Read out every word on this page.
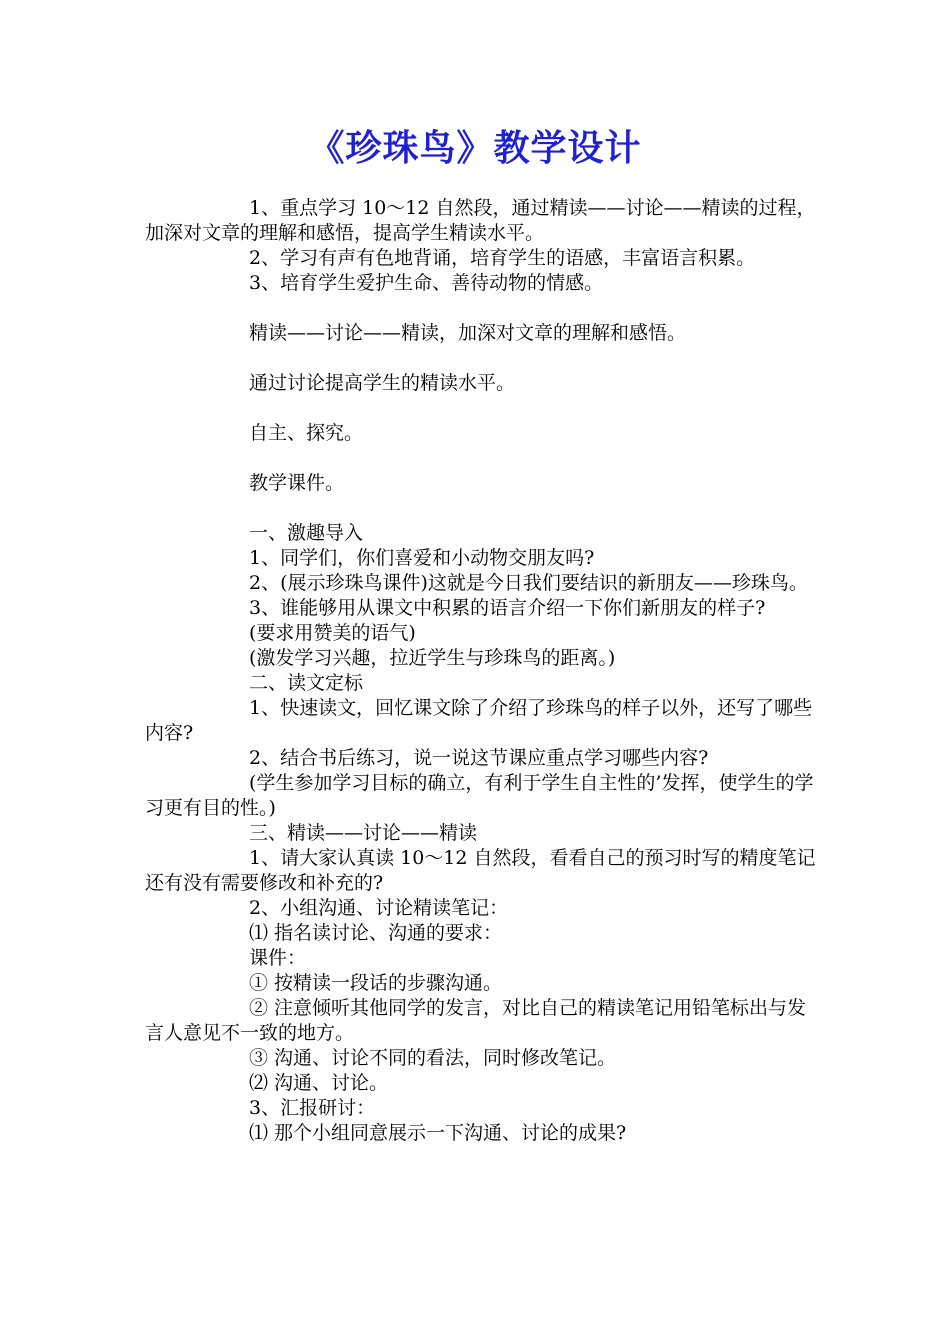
《珍珠鸟》教学设计

1、重点学习 10～12 自然段，通过精读——讨论——精读的过程，加深对文章的理解和感悟，提高学生精读水平。

2、学习有声有色地背诵，培育学生的语感，丰富语言积累。

3、培育学生爱护生命、善待动物的情感。

精读——讨论——精读，加深对文章的理解和感悟。

通过讨论提高学生的精读水平。

自主、探究。

教学课件。

一、激趣导入

1、同学们，你们喜爱和小动物交朋友吗?

2、(展示珍珠鸟课件)这就是今日我们要结识的新朋友——珍珠鸟。

3、谁能够用从课文中积累的语言介绍一下你们新朋友的样子?

(要求用赞美的语气)

(激发学习兴趣，拉近学生与珍珠鸟的距离。)

二、读文定标

1、快速读文，回忆课文除了介绍了珍珠鸟的样子以外，还写了哪些内容?

2、结合书后练习，说一说这节课应重点学习哪些内容?

(学生参加学习目标的确立，有利于学生自主性的’发挥，使学生的学习更有目的性。)

三、精读——讨论——精读

1、请大家认真读 10～12 自然段，看看自己的预习时写的精度笔记还有没有需要修改和补充的?

2、小组沟通、讨论精读笔记：

⑴ 指名读讨论、沟通的要求：

课件：

① 按精读一段话的步骤沟通。

② 注意倾听其他同学的发言，对比自己的精读笔记用铅笔标出与发言人意见不一致的地方。

③ 沟通、讨论不同的看法，同时修改笔记。

⑵ 沟通、讨论。

3、汇报研讨：

⑴ 那个小组同意展示一下沟通、讨论的成果?
